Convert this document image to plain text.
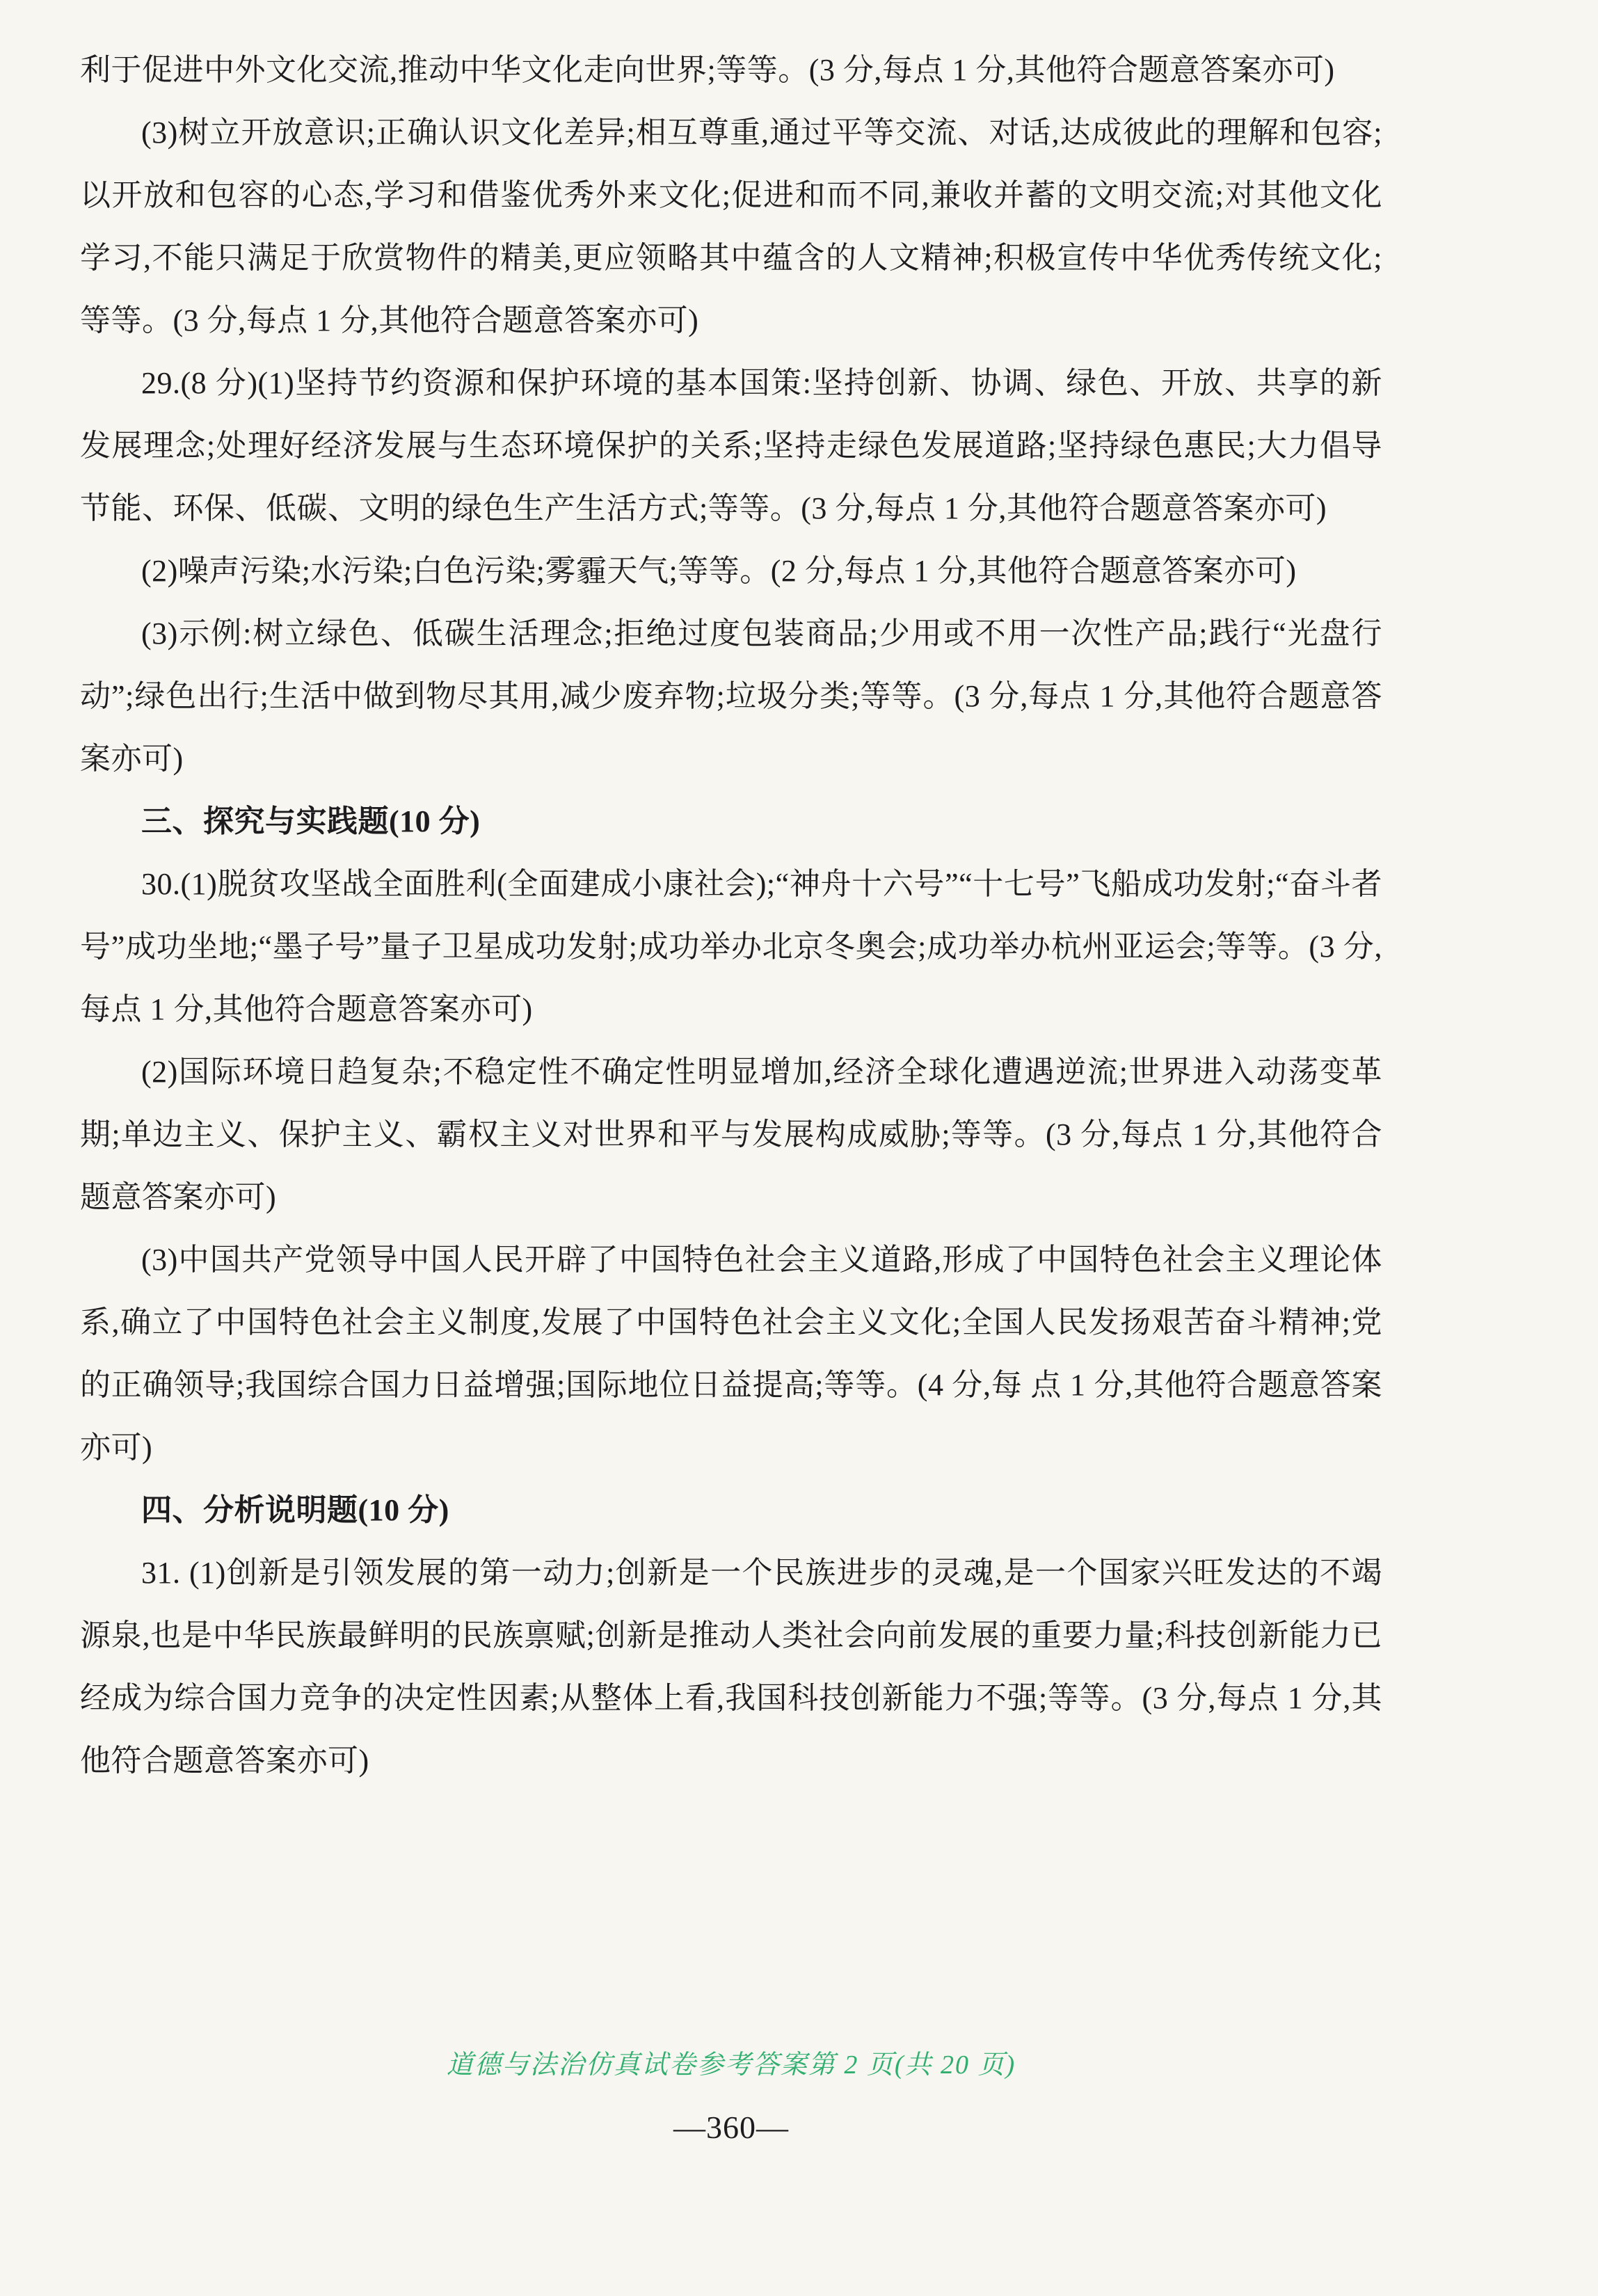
利于促进中外文化交流,推动中华文化走向世界;等等。(3 分,每点 1 分,其他符合题意答案亦可)

(3)树立开放意识;正确认识文化差异;相互尊重,通过平等交流、对话,达成彼此的理解和包容;以开放和包容的心态,学习和借鉴优秀外来文化;促进和而不同,兼收并蓄的文明交流;对其他文化学习,不能只满足于欣赏物件的精美,更应领略其中蕴含的人文精神;积极宣传中华优秀传统文化;等等。(3 分,每点 1 分,其他符合题意答案亦可)

29.(8 分)(1)坚持节约资源和保护环境的基本国策:坚持创新、协调、绿色、开放、共享的新发展理念;处理好经济发展与生态环境保护的关系;坚持走绿色发展道路;坚持绿色惠民;大力倡导节能、环保、低碳、文明的绿色生产生活方式;等等。(3 分,每点 1 分,其他符合题意答案亦可)

(2)噪声污染;水污染;白色污染;雾霾天气;等等。(2 分,每点 1 分,其他符合题意答案亦可)

(3)示例:树立绿色、低碳生活理念;拒绝过度包装商品;少用或不用一次性产品;践行“光盘行动”;绿色出行;生活中做到物尽其用,减少废弃物;垃圾分类;等等。(3 分,每点 1 分,其他符合题意答案亦可)

三、探究与实践题(10 分)

30.(1)脱贫攻坚战全面胜利(全面建成小康社会);“神舟十六号”“十七号”飞船成功发射;“奋斗者号”成功坐地;“墨子号”量子卫星成功发射;成功举办北京冬奥会;成功举办杭州亚运会;等等。(3 分,每点 1 分,其他符合题意答案亦可)

(2)国际环境日趋复杂;不稳定性不确定性明显增加,经济全球化遭遇逆流;世界进入动荡变革期;单边主义、保护主义、霸权主义对世界和平与发展构成威胁;等等。(3 分,每点 1 分,其他符合题意答案亦可)

(3)中国共产党领导中国人民开辟了中国特色社会主义道路,形成了中国特色社会主义理论体系,确立了中国特色社会主义制度,发展了中国特色社会主义文化;全国人民发扬艰苦奋斗精神;党的正确领导;我国综合国力日益增强;国际地位日益提高;等等。(4 分,每 点 1 分,其他符合题意答案亦可)

四、分析说明题(10 分)

31. (1)创新是引领发展的第一动力;创新是一个民族进步的灵魂,是一个国家兴旺发达的不竭源泉,也是中华民族最鲜明的民族禀赋;创新是推动人类社会向前发展的重要力量;科技创新能力已经成为综合国力竞争的决定性因素;从整体上看,我国科技创新能力不强;等等。(3 分,每点 1 分,其他符合题意答案亦可)

道德与法治仿真试卷参考答案第 2 页(共 20 页)
—360—
